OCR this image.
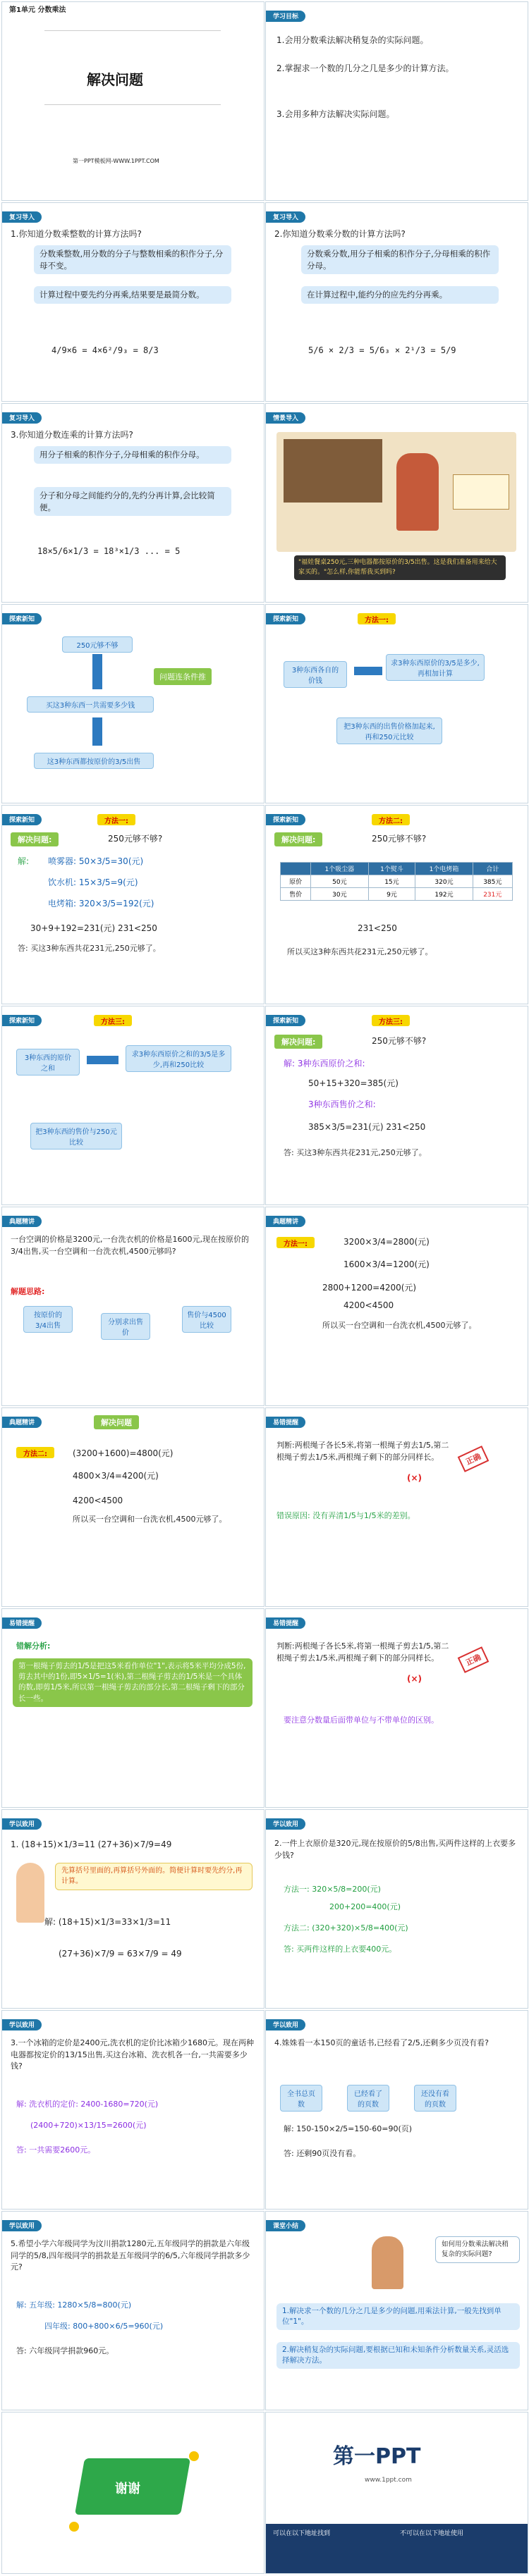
第1单元 分数乘法
解决问题
第一PPT模板网-WWW.1PPT.COM
学习目标
1.会用分数乘法解决稍复杂的实际问题。
2.掌握求一个数的几分之几是多少的计算方法。
3.会用多种方法解决实际问题。
复习导入
1.你知道分数乘整数的计算方法吗?
分数乘整数,用分数的分子与整数相乘的积作分子,分母不变。
计算过程中要先约分再乘,结果要是最简分数。
4/9×6 = 4×6²/9₃ = 8/3
复习导入
2.你知道分数乘分数的计算方法吗?
分数乘分数,用分子相乘的积作分子,分母相乘的积作分母。
在计算过程中,能约分的应先约分再乘。
5/6 × 2/3 = 5/6₃ × 2¹/3 = 5/9
复习导入
3.你知道分数连乘的计算方法吗?
用分子相乘的积作分子,分母相乘的积作分母。
分子和分母之间能约分的,先约分再计算,会比较简便。
18×5/6×1/3 = 18³×1/3 ... = 5
情景导入
"福娃餐桌250元,三种电器都按原价的3/5出售。这是我们准备用来给大家买的。"怎么样,你能帮我买到吗?
探索新知
250元够不够
问题连条件推
买这3种东西一共需要多少钱
这3种东西都按原价的3/5出售
探索新知	方法一:
3种东西各自的价钱
求3种东西原价的3/5是多少,再相加计算
把3种东西的出售价格加起来,再和250元比较
探索新知	方法一:
解决问题:	250元够不够?
解: 喷雾器: 50×3/5=30(元)
饮水机: 15×3/5=9(元)
电烤箱: 320×3/5=192(元)
30+9+192=231(元) 231<250
答: 买这3种东西共花231元,250元够了。
探索新知	方法二:
解决问题:	250元够不够?
	1个吸尘器	1个熨斗	1个电烤箱	合计
原价	50元	15元	320元	385元
售价	30元	9元	192元	231元
231<250
所以买这3种东西共花231元,250元够了。
探索新知	方法三:
3种东西的原价之和
求3种东西原价之和的3/5是多少,再和250比较
把3种东西的售价与250元比较
探索新知	方法三:
解决问题:	250元够不够?
解: 3种东西原价之和:
50+15+320=385(元)
3种东西售价之和:
385×3/5=231(元) 231<250
答: 买这3种东西共花231元,250元够了。
典题精讲
一台空调的价格是3200元,一台洗衣机的价格是1600元,现在按原价的3/4出售,买一台空调和一台洗衣机,4500元够吗?
解题思路:
按原价的3/4出售	分别求出售价
售价与4500比较
典题精讲
方法一:	3200×3/4=2800(元)
1600×3/4=1200(元)
2800+1200=4200(元)
4200<4500
所以买一台空调和一台洗衣机,4500元够了。
典题精讲	解决问题
方法二:	(3200+1600)=4800(元)
4800×3/4=4200(元)
4200<4500
所以买一台空调和一台洗衣机,4500元够了。
易错提醒
判断:两根绳子各长5米,将第一根绳子剪去1/5,第二根绳子剪去1/5米,两根绳子剩下的部分同样长。
(×)
正确
错误原因: 没有弄清1/5与1/5米的差别。
易错提醒
错解分析:
第一根绳子剪去的1/5是把这5米看作单位"1",表示将5米平均分成5份,剪去其中的1份,即5×1/5=1(米),第二根绳子剪去的1/5米是一个具体的数,即剪1/5米,所以第一根绳子剪去的部分长,第二根绳子剩下的部分长一些。
易错提醒
判断:两根绳子各长5米,将第一根绳子剪去1/5,第二根绳子剪去1/5米,两根绳子剩下的部分同样长。
(×)
正确
要注意分数量后面带单位与不带单位的区别。
学以致用
1. (18+15)×1/3=11 (27+36)×7/9=49
先算括号里面的,再算括号外面的。简便计算时要先约分,再计算。
解: (18+15)×1/3=33×1/3=11
(27+36)×7/9 = 63×7/9 = 49
学以致用
2.一件上衣原价是320元,现在按原价的5/8出售,买两件这样的上衣要多少钱?
方法一: 320×5/8=200(元)
200+200=400(元)
方法二: (320+320)×5/8=400(元)
答: 买两件这样的上衣要400元。
学以致用
3.一个冰箱的定价是2400元,洗衣机的定价比冰箱少1680元。现在两种电器都按定价的13/15出售,买这台冰箱、洗衣机各一台,一共需要多少钱?
解: 洗衣机的定价: 2400-1680=720(元)
(2400+720)×13/15=2600(元)
答: 一共需要2600元。
学以致用
4.姝姝看一本150页的童话书,已经看了2/5,还剩多少页没有看?
全书总页数
已经看了的页数
还没有看的页数
解: 150-150×2/5=150-60=90(页)
答: 还剩90页没有看。
学以致用
5.希望小学六年级同学为汶川捐款1280元,五年级同学的捐款是六年级同学的5/8,四年级同学的捐款是五年级同学的6/5,六年级同学捐款多少元?
解: 五年级: 1280×5/8=800(元)
四年级: 800+800×6/5=960(元)
答: 六年级同学捐款960元。
课堂小结
如何用分数乘法解决稍复杂的实际问题?
1.解决求一个数的几分之几是多少的问题,用乘法计算,一般先找到单位"1"。
2.解决稍复杂的实际问题,要根据已知和未知条件分析数量关系,灵活选择解决方法。
谢谢
第一PPT
www.1ppt.com
可以在以下地址找到	不可以在以下地址使用
